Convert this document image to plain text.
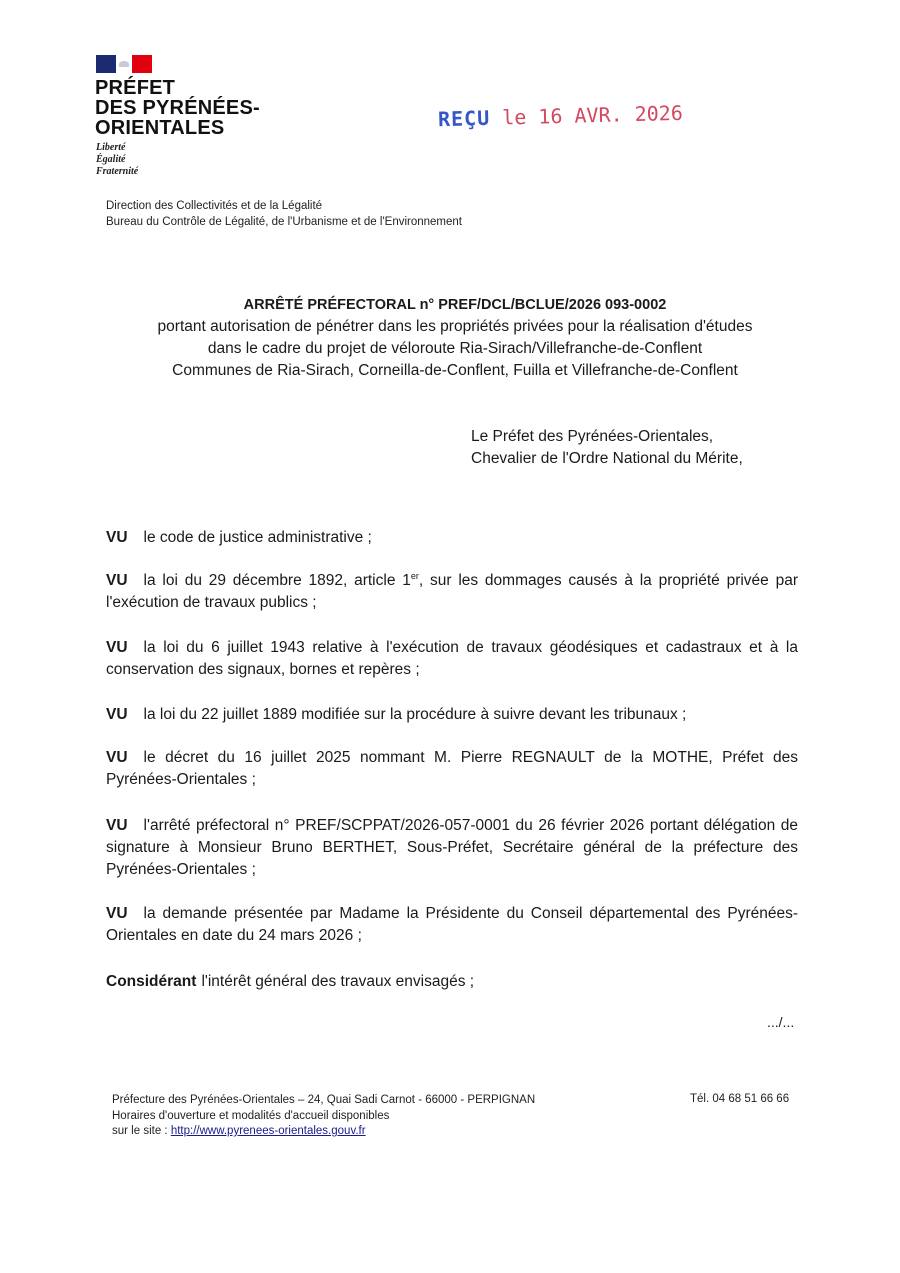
PRÉFET
DES PYRÉNÉES-
ORIENTALES
Liberté
Égalité
Fraternité
REÇU le 16 AVR. 2026
Direction des Collectivités et de la Légalité
Bureau du Contrôle de Légalité, de l'Urbanisme et de l'Environnement
ARRÊTÉ PRÉFECTORAL n° PREF/DCL/BCLUE/2026 093-0002
portant autorisation de pénétrer dans les propriétés privées pour la réalisation d'études
dans le cadre du projet de véloroute Ria-Sirach/Villefranche-de-Conflent
Communes de Ria-Sirach, Corneilla-de-Conflent, Fuilla et Villefranche-de-Conflent
Le Préfet des Pyrénées-Orientales,
Chevalier de l'Ordre National du Mérite,
VU le code de justice administrative ;
VU la loi du 29 décembre 1892, article 1er, sur les dommages causés à la propriété privée par l'exécution de travaux publics ;
VU la loi du 6 juillet 1943 relative à l'exécution de travaux géodésiques et cadastraux et à la conservation des signaux, bornes et repères ;
VU la loi du 22 juillet 1889 modifiée sur la procédure à suivre devant les tribunaux ;
VU le décret du 16 juillet 2025 nommant M. Pierre REGNAULT de la MOTHE, Préfet des Pyrénées-Orientales ;
VU l'arrêté préfectoral n° PREF/SCPPAT/2026-057-0001 du 26 février 2026 portant délégation de signature à Monsieur Bruno BERTHET, Sous-Préfet, Secrétaire général de la préfecture des Pyrénées-Orientales ;
VU la demande présentée par Madame la Présidente du Conseil départemental des Pyrénées-Orientales en date du 24 mars 2026 ;
Considérant l'intérêt général des travaux envisagés ;
.../...
Préfecture des Pyrénées-Orientales – 24, Quai Sadi Carnot - 66000 - PERPIGNAN
Horaires d'ouverture et modalités d'accueil disponibles
sur le site : http://www.pyrenees-orientales.gouv.fr
Tél. 04 68 51 66 66
